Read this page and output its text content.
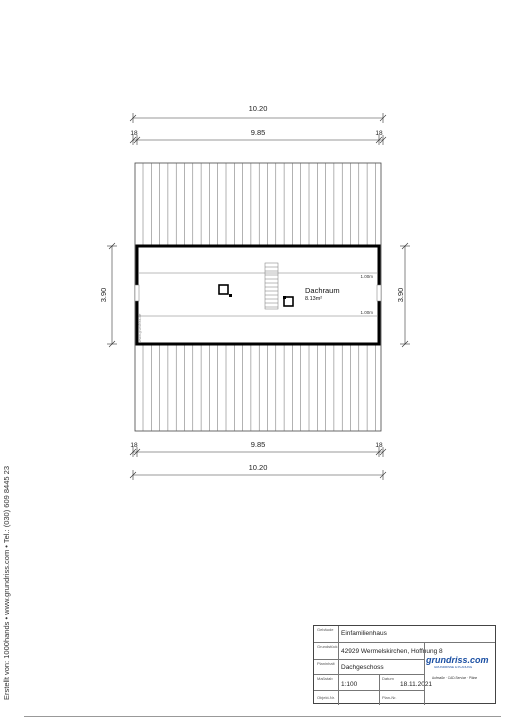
10.20
9.85
18	18
1.00m
1.00m
Dachraum
8.13m²
www.grundriss.de
3.90	3.90
18	9.85	18
10.20
Erstellt von: 1000hands • www.grundriss.com • Tel.: (030) 609 8445 23	Gebäude
Einfamilienhaus
Grundstück
42929 Wermelskirchen, Hoffnung 8
Planinhalt
Dachgeschoss
Maßstab
1:100
Datum
18.11.2021
Objekt-Nr.	Plan-Nr.
grundriss.com
GRUNDRISSE & PLANUNG
Aufmaße · CAD-Service · Pläne
